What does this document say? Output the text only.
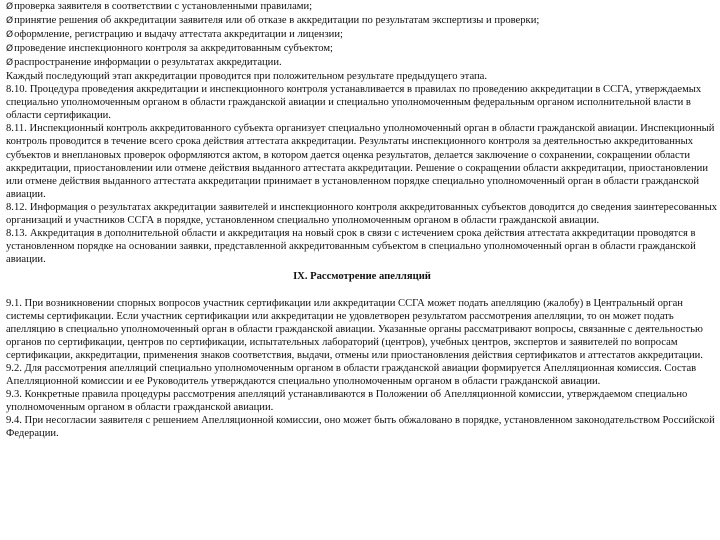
Øпроверка заявителя в соответствии с установленными правилами;
Øпринятие решения об аккредитации заявителя или об отказе в аккредитации по результатам экспертизы и проверки;
Øоформление, регистрацию и выдачу аттестата аккредитации и лицензии;
Øпроведение инспекционного контроля за аккредитованным субъектом;
Øраспространение информации о результатах аккредитации.

Каждый последующий этап аккредитации проводится при положительном результате предыдущего этапа.

8.10. Процедура проведения аккредитации и инспекционного контроля устанавливается в правилах по проведению аккредитации в ССГА, утверждаемых специально уполномоченным органом в области гражданской авиации и специально уполномоченным федеральным органом исполнительной власти в области сертификации.

8.11. Инспекционный контроль аккредитованного субъекта организует специально уполномоченный орган в области гражданской авиации. Инспекционный контроль проводится в течение всего срока действия аттестата аккредитации. Результаты инспекционного контроля за деятельностью аккредитованных субъектов и внеплановых проверок оформляются актом, в котором дается оценка результатов, делается заключение о сохранении, сокращении области аккредитации, приостановлении или отмене действия выданного аттестата аккредитации. Решение о сокращении области аккредитации, приостановлении или отмене действия выданного аттестата аккредитации принимает в установленном порядке специально уполномоченный орган в области гражданской авиации.

8.12. Информация о результатах аккредитации заявителей и инспекционного контроля аккредитованных субъектов доводится до сведения заинтересованных организаций и участников ССГА в порядке, установленном специально уполномоченным органом в области гражданской авиации.

8.13. Аккредитация в дополнительной области и аккредитация на новый срок в связи с истечением срока действия аттестата аккредитации проводятся в установленном порядке на основании заявки, представленной аккредитованным субъектом в специально уполномоченный орган в области гражданской авиации.

IX. Рассмотрение апелляций

9.1. При возникновении спорных вопросов участник сертификации или аккредитации ССГА может подать апелляцию (жалобу) в Центральный орган системы сертификации. Если участник сертификации или аккредитации не удовлетворен результатом рассмотрения апелляции, то он может подать апелляцию в специально уполномоченный орган в области гражданской авиации. Указанные органы рассматривают вопросы, связанные с деятельностью органов по сертификации, центров по сертификации, испытательных лабораторий (центров), учебных центров, экспертов и заявителей по вопросам сертификации, аккредитации, применения знаков соответствия, выдачи, отмены или приостановления действия сертификатов и аттестатов аккредитации.

9.2. Для рассмотрения апелляций специально уполномоченным органом в области гражданской авиации формируется Апелляционная комиссия. Состав Апелляционной комиссии и ее Руководитель утверждаются специально уполномоченным органом в области гражданской авиации.

9.3. Конкретные правила процедуры рассмотрения апелляций устанавливаются в Положении об Апелляционной комиссии, утверждаемом специально уполномоченным органом в области гражданской авиации.

9.4. При несогласии заявителя с решением Апелляционной комиссии, оно может быть обжаловано в порядке, установленном законодательством Российской Федерации.
